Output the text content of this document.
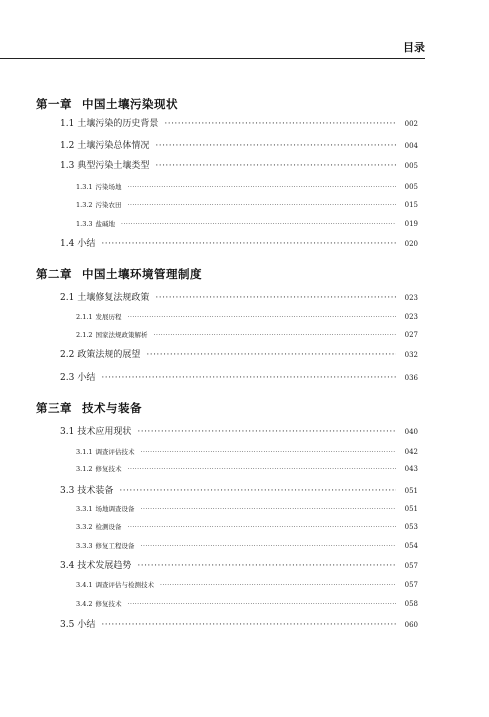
目录
第一章 中国土壤污染现状
1.1 土壤污染的历史背景 ·····	002
1.2 土壤污染总体情况 ·····	004
1.3 典型污染土壤类型 ·····	005
1.3.1 污染场地 ·····	005
1.3.2 污染农田 ·····	015
1.3.3 盐碱地 ·····	019
1.4 小结 ·····	020
第二章 中国土壤环境管理制度
2.1 土壤修复法规政策 ·····	023
2.1.1 发展历程 ·····	023
2.1.2 国家法规政策解析 ·····	027
2.2 政策法规的展望 ·····	032
2.3 小结 ·····	036
第三章 技术与装备
3.1 技术应用现状 ·····	040
3.1.1 调查评估技术 ·····	042
3.1.2 修复技术 ·····	043
3.3 技术装备 ·····	051
3.3.1 场地调查设备 ·····	051
3.3.2 检测设备 ·····	053
3.3.3 修复工程设备 ·····	054
3.4 技术发展趋势 ·····	057
3.4.1 调查评估与检测技术 ·····	057
3.4.2 修复技术 ·····	058
3.5 小结 ·····	060
